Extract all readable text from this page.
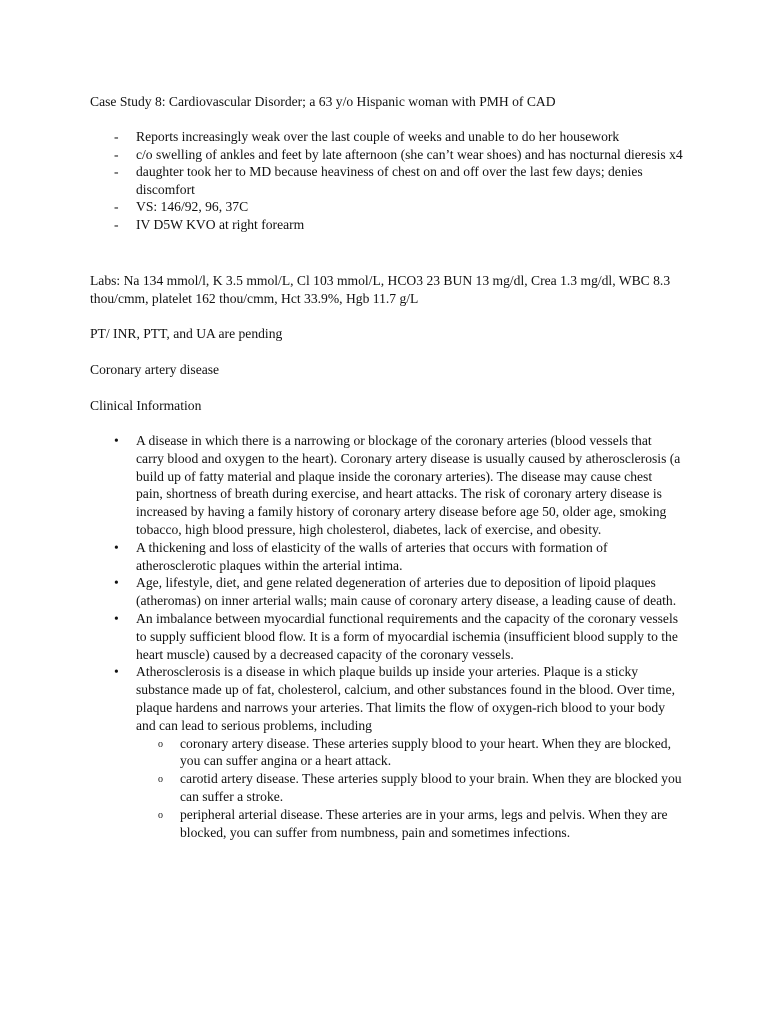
Case Study 8: Cardiovascular Disorder; a 63 y/o Hispanic woman with PMH of CAD

- Reports increasingly weak over the last couple of weeks and unable to do her housework
- c/o swelling of ankles and feet by late afternoon (she can’t wear shoes) and has nocturnal dieresis x4
- daughter took her to MD because heaviness of chest on and off over the last few days; denies discomfort
- VS: 146/92, 96, 37C
- IV D5W KVO at right forearm

Labs: Na 134 mmol/l, K 3.5 mmol/L, Cl 103 mmol/L, HCO3 23 BUN 13 mg/dl, Crea 1.3 mg/dl, WBC 8.3 thou/cmm, platelet 162 thou/cmm, Hct 33.9%, Hgb 11.7 g/L

PT/ INR, PTT, and UA are pending

Coronary artery disease

Clinical Information

• A disease in which there is a narrowing or blockage of the coronary arteries (blood vessels that carry blood and oxygen to the heart). Coronary artery disease is usually caused by atherosclerosis (a build up of fatty material and plaque inside the coronary arteries). The disease may cause chest pain, shortness of breath during exercise, and heart attacks. The risk of coronary artery disease is increased by having a family history of coronary artery disease before age 50, older age, smoking tobacco, high blood pressure, high cholesterol, diabetes, lack of exercise, and obesity.
• A thickening and loss of elasticity of the walls of arteries that occurs with formation of atherosclerotic plaques within the arterial intima.
• Age, lifestyle, diet, and gene related degeneration of arteries due to deposition of lipoid plaques (atheromas) on inner arterial walls; main cause of coronary artery disease, a leading cause of death.
• An imbalance between myocardial functional requirements and the capacity of the coronary vessels to supply sufficient blood flow. It is a form of myocardial ischemia (insufficient blood supply to the heart muscle) caused by a decreased capacity of the coronary vessels.
• Atherosclerosis is a disease in which plaque builds up inside your arteries. Plaque is a sticky substance made up of fat, cholesterol, calcium, and other substances found in the blood. Over time, plaque hardens and narrows your arteries. That limits the flow of oxygen-rich blood to your body and can lead to serious problems, including
o coronary artery disease. These arteries supply blood to your heart. When they are blocked, you can suffer angina or a heart attack.
o carotid artery disease. These arteries supply blood to your brain. When they are blocked you can suffer a stroke.
o peripheral arterial disease. These arteries are in your arms, legs and pelvis. When they are blocked, you can suffer from numbness, pain and sometimes infections.
